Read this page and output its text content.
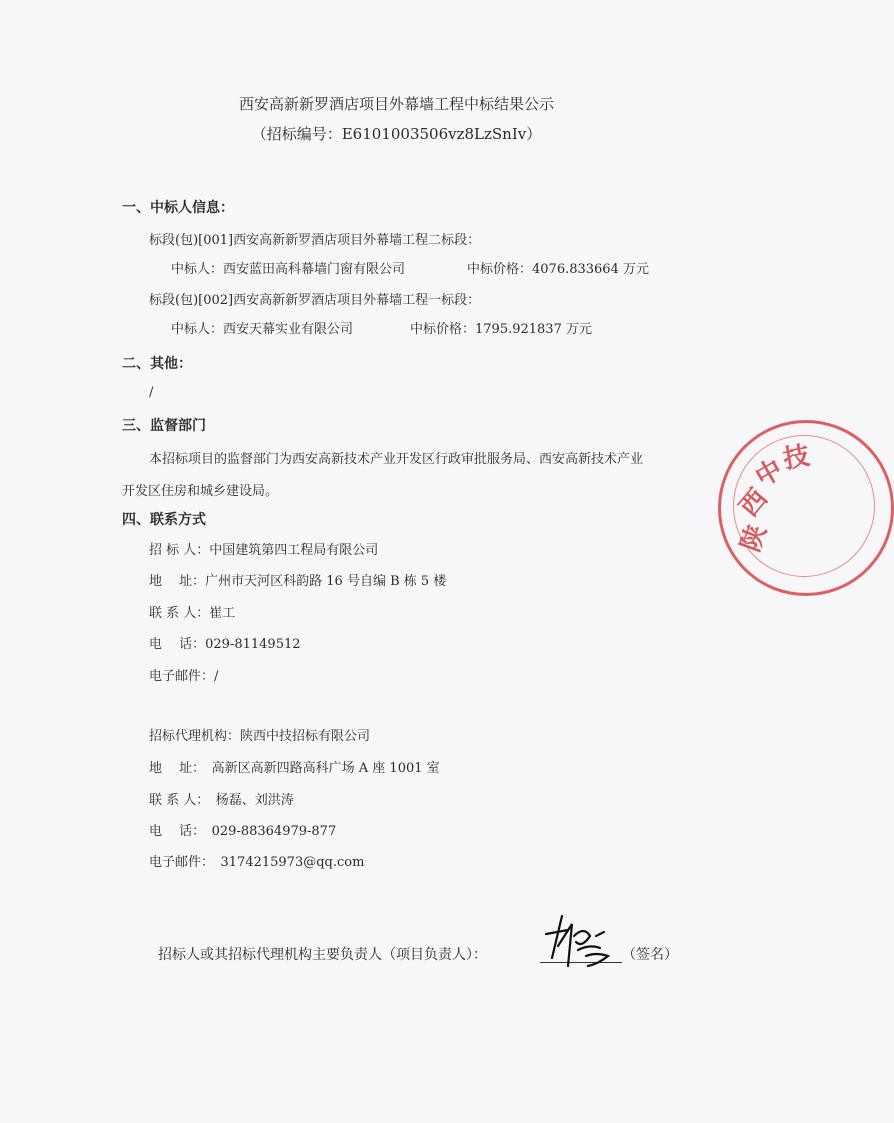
西安高新新罗酒店项目外幕墙工程中标结果公示
（招标编号：E6101003506vz8LzSnIv）
一、中标人信息：
标段(包)[001]西安高新新罗酒店项目外幕墙工程二标段：
中标人：西安蓝田高科幕墙门窗有限公司	中标价格：4076.833664 万元
标段(包)[002]西安高新新罗酒店项目外幕墙工程一标段：
中标人：西安天幕实业有限公司	中标价格：1795.921837 万元
二、其他：
/
三、监督部门
本招标项目的监督部门为西安高新技术产业开发区行政审批服务局、西安高新技术产业
开发区住房和城乡建设局。
四、联系方式
招 标 人：中国建筑第四工程局有限公司
地　 址：广州市天河区科韵路 16 号自编 B 栋 5 楼
联 系 人：崔工
电　 话：029-81149512
电子邮件：/
招标代理机构：陕西中技招标有限公司
地　 址：　高新区高新四路高科广场 A 座 1001 室
联 系 人：　杨磊、刘洪涛
电　 话：　029-88364979-877
电子邮件：　3174215973@qq.com
招标人或其招标代理机构主要负责人（项目负责人）：	（签名）
陕
西
中
技
